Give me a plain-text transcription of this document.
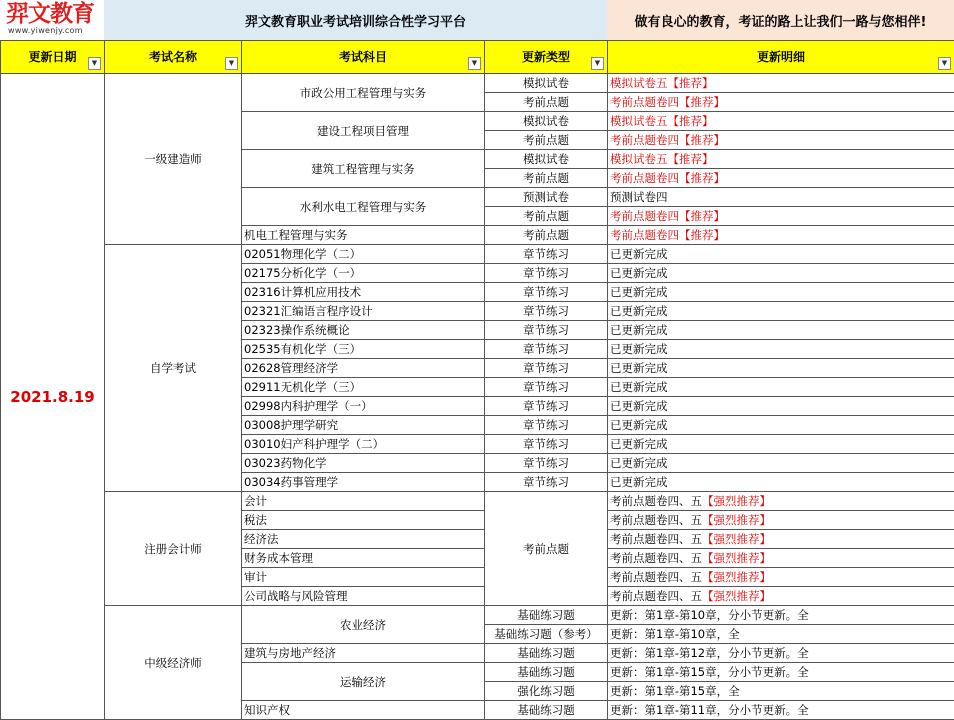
羿文教育
www.yiwenjy.com
羿文教育职业考试培训综合性学习平台	做有良心的教育，考证的路上让我们一路与您相伴!
更新日期 ▼	考试名称 ▼	考试科目 ▼	更新类型 ▼	更新明细 ▼

2021.8.19	一级建造师	市政公用工程管理与实务	模拟试卷	模拟试卷五【推荐】
			考前点题	考前点题卷四【推荐】
		建设工程项目管理	模拟试卷	模拟试卷五【推荐】
			考前点题	考前点题卷四【推荐】
		建筑工程管理与实务	模拟试卷	模拟试卷五【推荐】
			考前点题	考前点题卷四【推荐】
		水利水电工程管理与实务	预测试卷	预测试卷四
			考前点题	考前点题卷四【推荐】
		机电工程管理与实务	考前点题	考前点题卷四【推荐】
	自学考试	02051物理化学（二）	章节练习	已更新完成
		02175分析化学（一）	章节练习	已更新完成
		02316计算机应用技术	章节练习	已更新完成
		02321汇编语言程序设计	章节练习	已更新完成
		02323操作系统概论	章节练习	已更新完成
		02535有机化学（三）	章节练习	已更新完成
		02628管理经济学	章节练习	已更新完成
		02911无机化学（三）	章节练习	已更新完成
		02998内科护理学（一）	章节练习	已更新完成
		03008护理学研究	章节练习	已更新完成
		03010妇产科护理学（二）	章节练习	已更新完成
		03023药物化学	章节练习	已更新完成
		03034药事管理学	章节练习	已更新完成
	注册会计师	会计	考前点题	考前点题卷四、五【强烈推荐】
		税法		考前点题卷四、五【强烈推荐】
		经济法		考前点题卷四、五【强烈推荐】
		财务成本管理		考前点题卷四、五【强烈推荐】
		审计		考前点题卷四、五【强烈推荐】
		公司战略与风险管理		考前点题卷四、五【强烈推荐】
	中级经济师	农业经济	基础练习题	更新：第1章-第10章，分小节更新。全
			基础练习题（参考）	更新：第1章-第10章，全
		建筑与房地产经济	基础练习题	更新：第1章-第12章，分小节更新。全
		运输经济	基础练习题	更新：第1章-第15章，分小节更新。全
			强化练习题	更新：第1章-第15章，全
		知识产权	基础练习题	更新：第1章-第11章，分小节更新。全
